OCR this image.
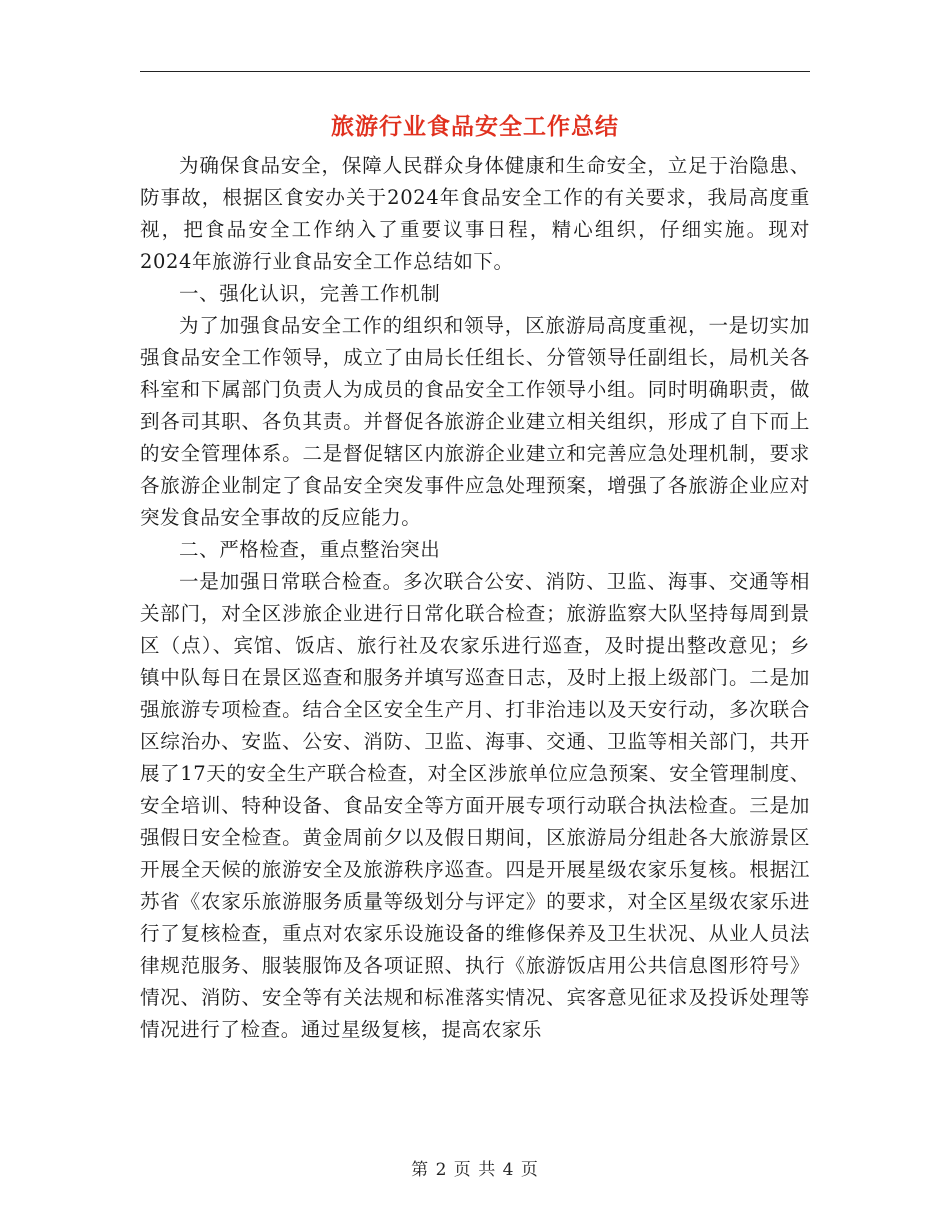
旅游行业食品安全工作总结

为确保食品安全，保障人民群众身体健康和生命安全，立足于治隐患、防事故，根据区食安办关于2024年食品安全工作的有关要求，我局高度重视，把食品安全工作纳入了重要议事日程，精心组织，仔细实施。现对2024年旅游行业食品安全工作总结如下。

一、强化认识，完善工作机制

为了加强食品安全工作的组织和领导，区旅游局高度重视，一是切实加强食品安全工作领导，成立了由局长任组长、分管领导任副组长，局机关各科室和下属部门负责人为成员的食品安全工作领导小组。同时明确职责，做到各司其职、各负其责。并督促各旅游企业建立相关组织，形成了自下而上的安全管理体系。二是督促辖区内旅游企业建立和完善应急处理机制，要求各旅游企业制定了食品安全突发事件应急处理预案，增强了各旅游企业应对突发食品安全事故的反应能力。

二、严格检查，重点整治突出

一是加强日常联合检查。多次联合公安、消防、卫监、海事、交通等相关部门，对全区涉旅企业进行日常化联合检查；旅游监察大队坚持每周到景区（点）、宾馆、饭店、旅行社及农家乐进行巡查，及时提出整改意见；乡镇中队每日在景区巡查和服务并填写巡查日志，及时上报上级部门。二是加强旅游专项检查。结合全区安全生产月、打非治违以及天安行动，多次联合区综治办、安监、公安、消防、卫监、海事、交通、卫监等相关部门，共开展了17天的安全生产联合检查，对全区涉旅单位应急预案、安全管理制度、安全培训、特种设备、食品安全等方面开展专项行动联合执法检查。三是加强假日安全检查。黄金周前夕以及假日期间，区旅游局分组赴各大旅游景区开展全天候的旅游安全及旅游秩序巡查。四是开展星级农家乐复核。根据江苏省《农家乐旅游服务质量等级划分与评定》的要求，对全区星级农家乐进行了复核检查，重点对农家乐设施设备的维修保养及卫生状况、从业人员法律规范服务、服装服饰及各项证照、执行《旅游饭店用公共信息图形符号》情况、消防、安全等有关法规和标准落实情况、宾客意见征求及投诉处理等情况进行了检查。通过星级复核，提高农家乐

第 2 页 共 4 页
